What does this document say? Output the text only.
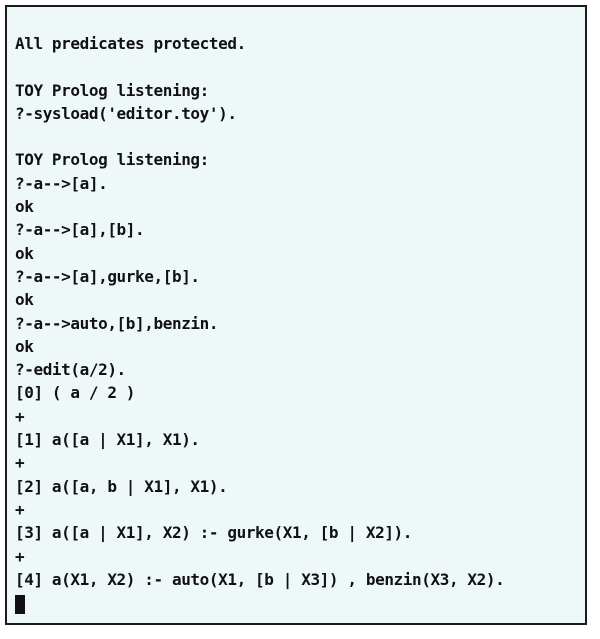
All predicates protected.
TOY Prolog listening:
?-sysload('editor.toy').
TOY Prolog listening:
?-a-->[a].
ok
?-a-->[a],[b].
ok
?-a-->[a],gurke,[b].
ok
?-a-->auto,[b],benzin.
ok
?-edit(a/2).
[0] ( a / 2 )
+
[1] a([a | X1], X1).
+
[2] a([a, b | X1], X1).
+
[3] a([a | X1], X2) :- gurke(X1, [b | X2]).
+
[4] a(X1, X2) :- auto(X1, [b | X3]) , benzin(X3, X2).
